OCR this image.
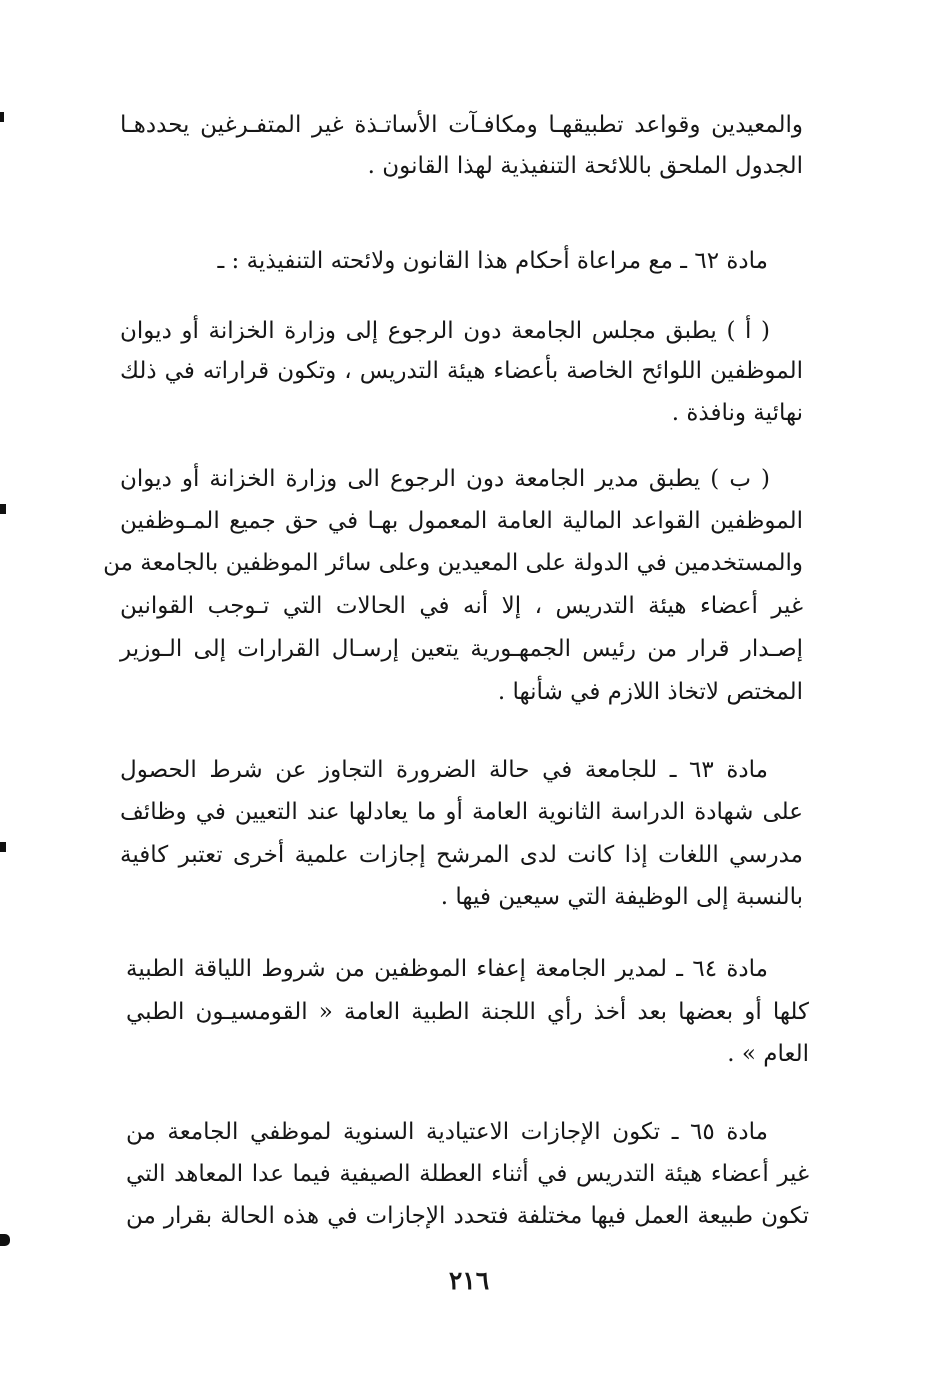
والمعيدين وقواعد تطبيقهـا ومكافـآت الأساتـذة غير المتفـرغين يحددهـا
الجدول الملحق باللائحة التنفيذية لهذا القانون .
مادة ٦٢ ـ مع مراعاة أحكام هذا القانون ولائحته التنفيذية : ـ
( أ ) يطبق مجلس الجامعة دون الرجوع إلى وزارة الخزانة أو ديوان
الموظفين اللوائح الخاصة بأعضاء هيئة التدريس ، وتكون قراراته في ذلك
نهائية ونافذة .
( ب ) يطبق مدير الجامعة دون الرجوع الى وزارة الخزانة أو ديوان
الموظفين القواعد المالية العامة المعمول بهـا في حق جميع المـوظفين
والمستخدمين في الدولة على المعيدين وعلى سائر الموظفين بالجامعة من
غير أعضاء هيئة التدريس ، إلا أنه في الحالات التي تـوجب القوانين
إصـدار قرار من رئيس الجمهـورية يتعين إرسـال القرارات إلى الـوزير
المختص لاتخاذ اللازم في شأنها .
مادة ٦٣ ـ للجامعة في حالة الضرورة التجاوز عن شرط الحصول
على شهادة الدراسة الثانوية العامة أو ما يعادلها عند التعيين في وظائف
مدرسي اللغات إذا كانت لدى المرشح إجازات علمية أخرى تعتبر كافية
بالنسبة إلى الوظيفة التي سيعين فيها .
مادة ٦٤ ـ لمدير الجامعة إعفاء الموظفين من شروط اللياقة الطبية
كلها أو بعضها بعد أخذ رأي اللجنة الطبية العامة « القومسيـون الطبي
العام » .
مادة ٦٥ ـ تكون الإجازات الاعتيادية السنوية لموظفي الجامعة من
غير أعضاء هيئة التدريس في أثناء العطلة الصيفية فيما عدا المعاهد التي
تكون طبيعة العمل فيها مختلفة فتحدد الإجازات في هذه الحالة بقرار من
٢١٦
